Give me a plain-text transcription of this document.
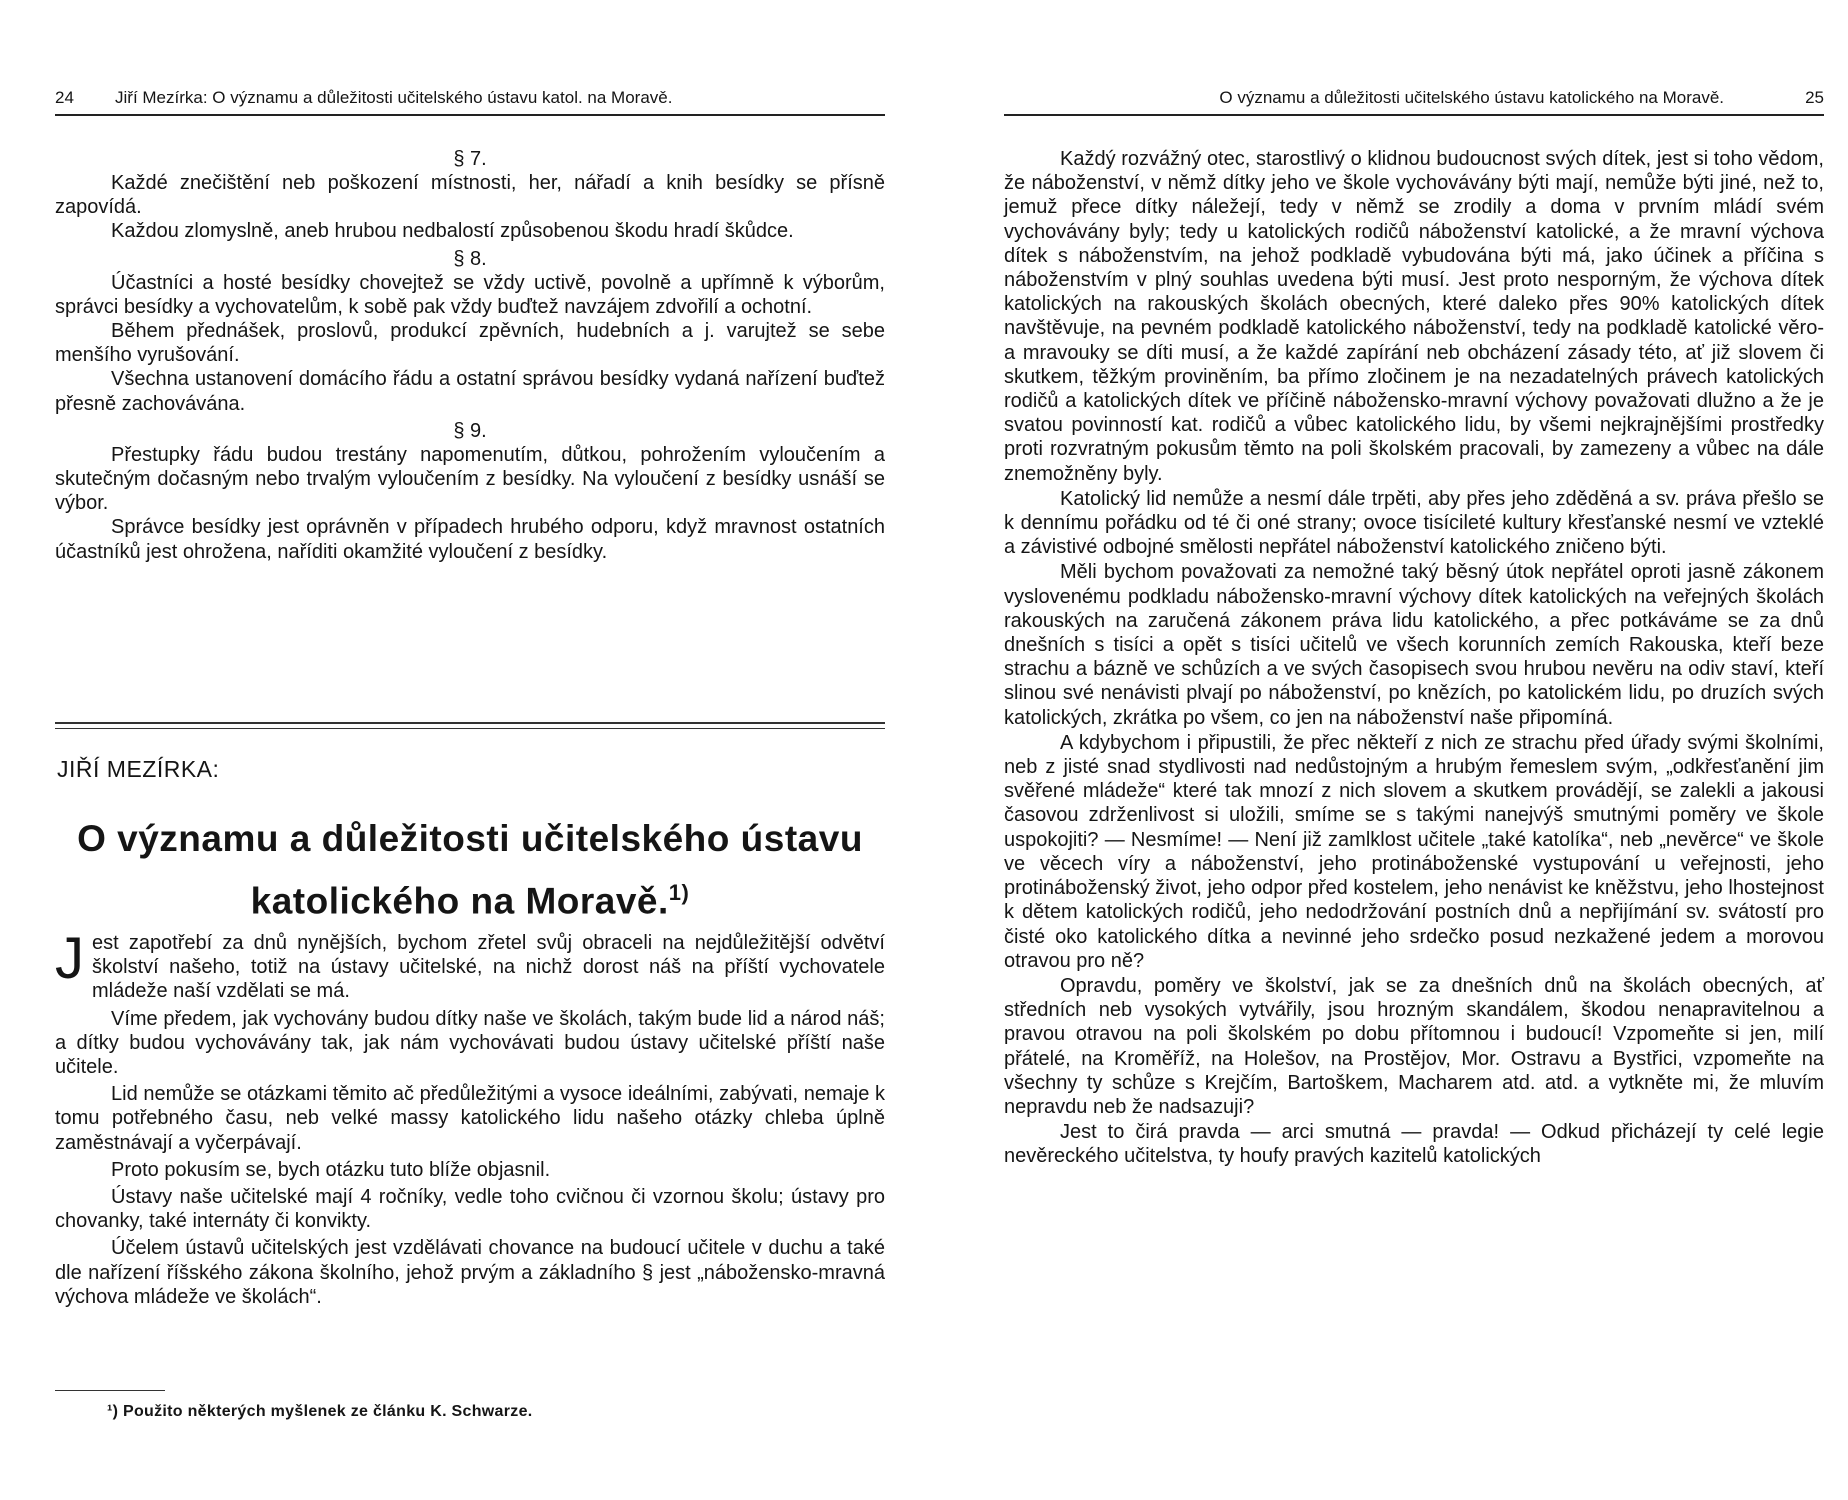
24 Jiří Mezírka: O významu a důležitosti učitelského ústavu katol. na Moravě.
§ 7.

Každé znečištění neb poškození místnosti, her, nářadí a knih besídky se přísně zapovídá.

Každou zlomyslně, aneb hrubou nedbalostí způsobenou škodu hradí škůdce.

§ 8.

Účastníci a hosté besídky chovejtež se vždy uctivě, povolně a upřímně k výborům, správci besídky a vychovatelům, k sobě pak vždy buďtež navzájem zdvořilí a ochotní.

Během přednášek, proslovů, produkcí zpěvních, hudebních a j. varujtež se sebe menšího vyrušování.

Všechna ustanovení domácího řádu a ostatní správou besídky vydaná nařízení buďtež přesně zachovávána.

§ 9.

Přestupky řádu budou trestány napomenutím, důtkou, pohrožením vyloučením a skutečným dočasným nebo trvalým vyloučením z besídky. Na vyloučení z besídky usnáší se výbor.

Správce besídky jest oprávněn v případech hrubého odporu, když mravnost ostatních účastníků jest ohrožena, naříditi okamžité vyloučení z besídky.

JIŘÍ MEZÍRKA:
O významu a důležitosti učitelského ústavu katolického na Moravě.$^{1)}$

Jest zapotřebí za dnů nynějších, bychom zřetel svůj obraceli na nejdůležitější odvětví školství našeho, totiž na ústavy učitelské, na nichž dorost náš na příští vychovatele mládeže naší vzdělati se má.

Víme předem, jak vychovány budou dítky naše ve školách, takým bude lid a národ náš; a dítky budou vychovávány tak, jak nám vychovávati budou ústavy učitelské příští naše učitele.

Lid nemůže se otázkami těmito ač předůležitými a vysoce ideálními, zabývati, nemaje k tomu potřebného času, neb velké massy katolického lidu našeho otázky chleba úplně zaměstnávají a vyčerpávají.

Proto pokusím se, bych otázku tuto blíže objasnil.

Ústavy naše učitelské mají 4 ročníky, vedle toho cvičnou či vzornou školu; ústavy pro chovanky, také internáty či konvikty.

Účelem ústavů učitelských jest vzdělávati chovance na budoucí učitele v duchu a také dle nařízení říšského zákona školního, jehož prvým a základního § jest „nábožensko-mravná výchova mládeže ve školách“.

¹) Použito některých myšlenek ze článku K. Schwarze.
O významu a důležitosti učitelského ústavu katolického na Moravě.	25

Každý rozvážný otec, starostlivý o klidnou budoucnost svých dítek, jest si toho vědom, že náboženství, v němž dítky jeho ve škole vychovávány býti mají, nemůže býti jiné, než to, jemuž přece dítky náležejí, tedy v němž se zrodily a doma v prvním mládí svém vychovávány byly; tedy u katolických rodičů náboženství katolické, a že mravní výchova dítek s náboženstvím, na jehož podkladě vybudována býti má, jako účinek a příčina s náboženstvím v plný souhlas uvedena býti musí. Jest proto nesporným, že výchova dítek katolických na rakouských školách obecných, které daleko přes 90% katolických dítek navštěvuje, na pevném podkladě katolického náboženství, tedy na podkladě katolické věro- a mravouky se díti musí, a že každé zapírání neb obcházení zásady této, ať již slovem či skutkem, těžkým proviněním, ba přímo zločinem je na nezadatelných právech katolických rodičů a katolických dítek ve příčině nábožensko-mravní výchovy považovati dlužno a že je svatou povinností kat. rodičů a vůbec katolického lidu, by všemi nejkrajnějšími prostředky proti rozvratným pokusům těmto na poli školském pracovali, by zamezeny a vůbec na dále znemožněny byly.

Katolický lid nemůže a nesmí dále trpěti, aby přes jeho zděděná a sv. práva přešlo se k dennímu pořádku od té či oné strany; ovoce tisícileté kultury křesťanské nesmí ve vzteklé a závistivé odbojné smělosti nepřátel náboženství katolického zničeno býti.

Měli bychom považovati za nemožné taký běsný útok nepřátel oproti jasně zákonem vyslovenému podkladu nábožensko-mravní výchovy dítek katolických na veřejných školách rakouských na zaručená zákonem práva lidu katolického, a přec potkáváme se za dnů dnešních s tisíci a opět s tisíci učitelů ve všech korunních zemích Rakouska, kteří beze strachu a bázně ve schůzích a ve svých časopisech svou hrubou nevěru na odiv staví, kteří slinou své nenávisti plvají po náboženství, po knězích, po katolickém lidu, po druzích svých katolických, zkrátka po všem, co jen na náboženství naše připomíná.

A kdybychom i připustili, že přec někteří z nich ze strachu před úřady svými školními, neb z jisté snad stydlivosti nad nedůstojným a hrubým řemeslem svým, „odkřesťanění jim svěřené mládeže“ které tak mnozí z nich slovem a skutkem provádějí, se zalekli a jakousi časovou zdrženlivost si uložili, smíme se s takými nanejvýš smutnými poměry ve škole uspokojiti? — Nesmíme! — Není již zamlklost učitele „také katolíka“, neb „nevěrce“ ve škole ve věcech víry a náboženství, jeho protináboženské vystupování u veřejnosti, jeho protináboženský život, jeho odpor před kostelem, jeho nenávist ke kněžstvu, jeho lhostejnost k dětem katolických rodičů, jeho nedodržování postních dnů a nepřijímání sv. svátostí pro čisté oko katolického dítka a nevinné jeho srdečko posud nezkažené jedem a morovou otravou pro ně?

Opravdu, poměry ve školství, jak se za dnešních dnů na školách obecných, ať středních neb vysokých vytvářily, jsou hrozným skandálem, škodou nenapravitelnou a pravou otravou na poli školském po dobu přítomnou i budoucí! Vzpomeňte si jen, milí přátelé, na Kroměříž, na Holešov, na Prostějov, Mor. Ostravu a Bystřici, vzpomeňte na všechny ty schůze s Krejčím, Bartoškem, Macharem atd. atd. a vytkněte mi, že mluvím nepravdu neb že nadsazuji?

Jest to čirá pravda — arci smutná — pravda! — Odkud přicházejí ty celé legie nevěreckého učitelstva, ty houfy pravých kazitelů katolických
